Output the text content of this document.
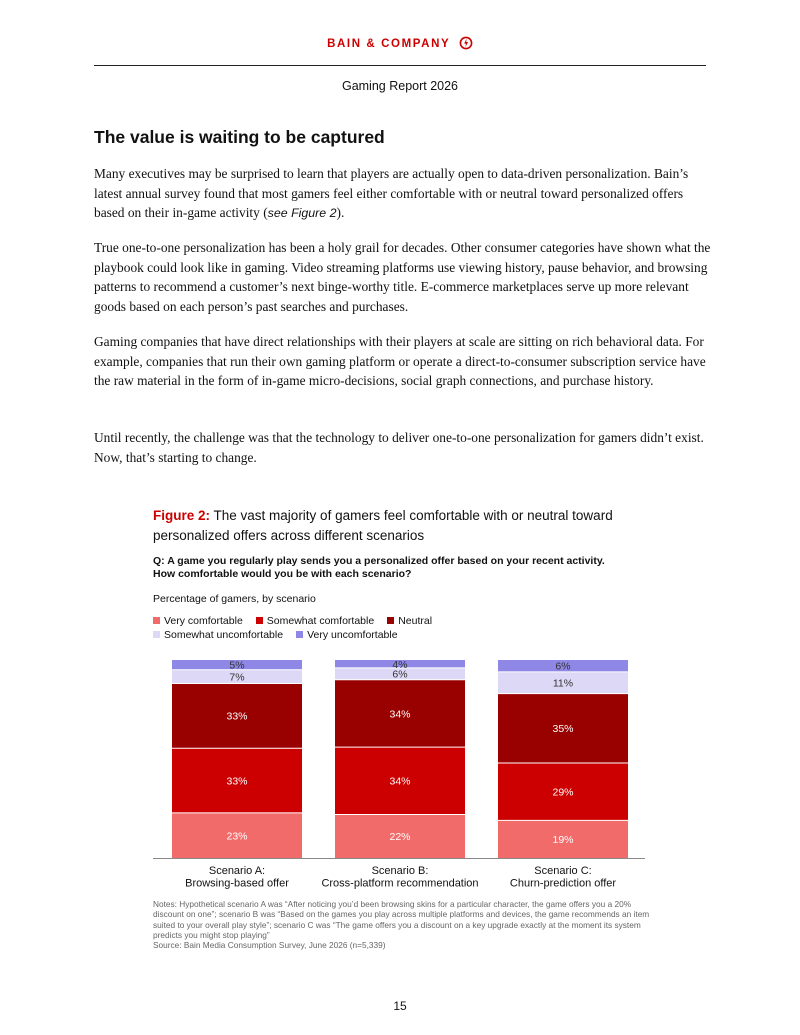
BAIN & COMPANY
Gaming Report 2026
The value is waiting to be captured

Many executives may be surprised to learn that players are actually open to data-driven personalization. Bain’s latest annual survey found that most gamers feel either comfortable with or neutral toward personalized offers based on their in-game activity (see Figure 2).

True one-to-one personalization has been a holy grail for decades. Other consumer categories have shown what the playbook could look like in gaming. Video streaming platforms use viewing history, pause behavior, and browsing patterns to recommend a customer’s next binge-worthy title. E-commerce marketplaces serve up more relevant goods based on each person’s past searches and purchases.

Gaming companies that have direct relationships with their players at scale are sitting on rich behavioral data. For example, companies that run their own gaming platform or operate a direct-to-consumer subscription service have the raw material in the form of in-game micro-decisions, social graph connections, and purchase history.

Until recently, the challenge was that the technology to deliver one-to-one personalization for gamers didn’t exist. Now, that’s starting to change.

Figure 2: The vast majority of gamers feel comfortable with or neutral toward personalized offers across different scenarios
Q: A game you regularly play sends you a personalized offer based on your recent activity.
How comfortable would you be with each scenario?
Percentage of gamers, by scenario
Very comfortable Somewhat comfortable Neutral
Somewhat uncomfortable Very uncomfortable
23%
33%
33%
7%
5%
Scenario A:
Browsing-based offer
22%
34%
34%
6%
4%
Scenario B:
Cross-platform recommendation
19%
29%
35%
11%
6%
Scenario C:
Churn-prediction offer
Notes: Hypothetical scenario A was “After noticing you’d been browsing skins for a particular character, the game offers you a 20% discount on one”; scenario B was “Based on the games you play across multiple platforms and devices, the game recommends an item suited to your overall play style”; scenario C was “The game offers you a discount on a key upgrade exactly at the moment its system predicts you might stop playing”
Source: Bain Media Consumption Survey, June 2026 (n=5,339)
15
